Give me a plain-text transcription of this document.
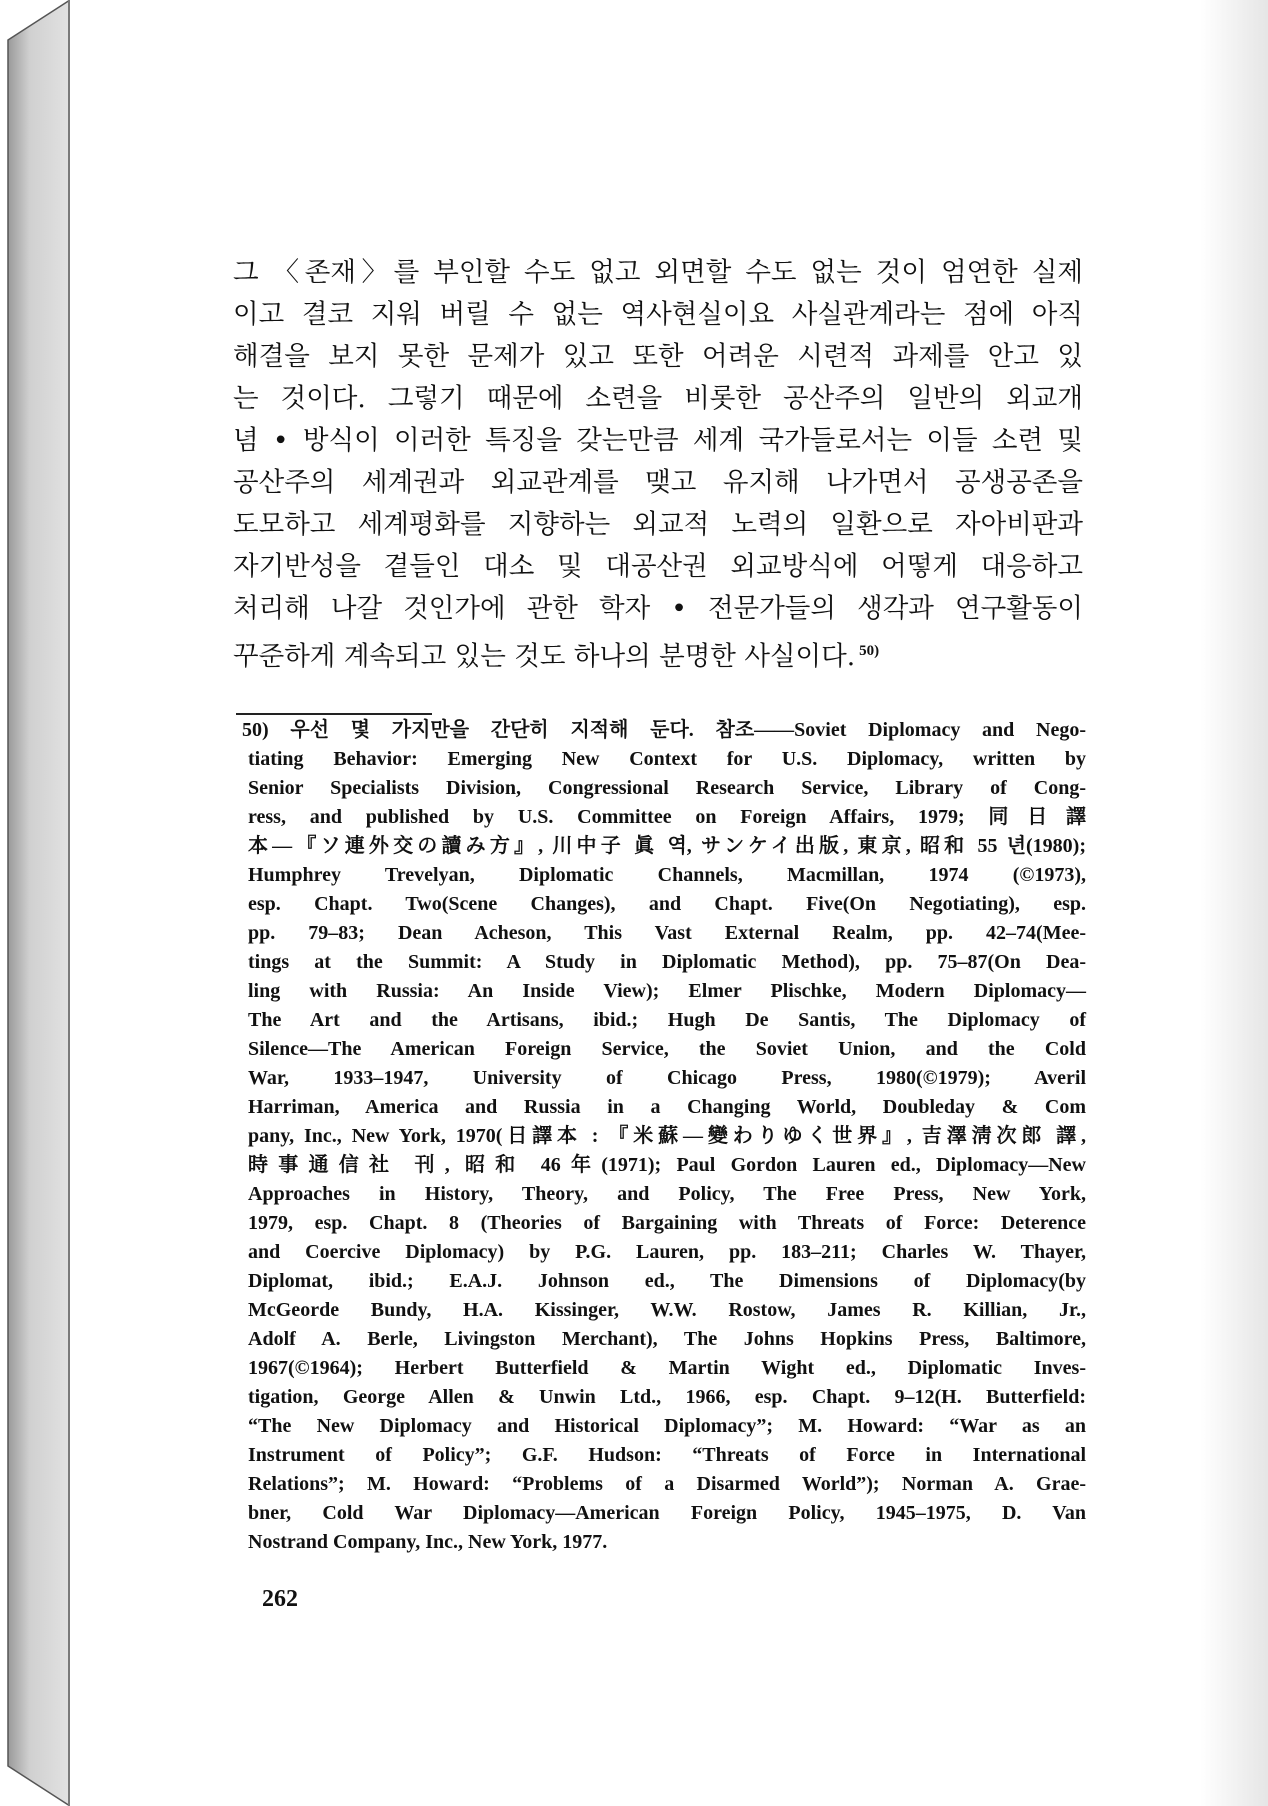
그 〈존재〉를 부인할 수도 없고 외면할 수도 없는 것이 엄연한 실제
이고 결코 지워 버릴 수 없는 역사현실이요 사실관계라는 점에 아직
해결을 보지 못한 문제가 있고 또한 어려운 시련적 과제를 안고 있
는 것이다. 그렇기 때문에 소련을 비롯한 공산주의 일반의 외교개
념 • 방식이 이러한 특징을 갖는만큼 세계 국가들로서는 이들 소련 및
공산주의 세계권과 외교관계를 맺고 유지해 나가면서 공생공존을
도모하고 세계평화를 지향하는 외교적 노력의 일환으로 자아비판과
자기반성을 곁들인 대소 및 대공산권 외교방식에 어떻게 대응하고
처리해 나갈 것인가에 관한 학자 • 전문가들의 생각과 연구활동이
꾸준하게 계속되고 있는 것도 하나의 분명한 사실이다. $^{50)}$
50) 우선 몇 가지만을 간단히 지적해 둔다. 참조——Soviet Diplomacy and Nego-
tiating Behavior: Emerging New Context for U.S. Diplomacy, written by
Senior Specialists Division, Congressional Research Service, Library of Cong-
ress, and published by U.S. Committee on Foreign Affairs, 1979; 同日譯
本—『ソ連外交の讀み方』, 川中子 眞 역, サンケイ出版, 東京, 昭和 55 년(1980);
Humphrey Trevelyan, Diplomatic Channels, Macmillan, 1974 (©1973),
esp. Chapt. Two(Scene Changes), and Chapt. Five(On Negotiating), esp.
pp. 79–83; Dean Acheson, This Vast External Realm, pp. 42–74(Mee-
tings at the Summit: A Study in Diplomatic Method), pp. 75–87(On Dea-
ling with Russia: An Inside View); Elmer Plischke, Modern Diplomacy—
The Art and the Artisans, ibid.; Hugh De Santis, The Diplomacy of
Silence—The American Foreign Service, the Soviet Union, and the Cold
War, 1933–1947, University of Chicago Press, 1980(©1979); Averil
Harriman, America and Russia in a Changing World, Doubleday & Com
pany, Inc., New York, 1970(日譯本 : 『米蘇—變わりゆく世界』, 吉澤淸次郎 譯,
時事通信社 刊, 昭和 46年(1971); Paul Gordon Lauren ed., Diplomacy—New
Approaches in History, Theory, and Policy, The Free Press, New York,
1979, esp. Chapt. 8 (Theories of Bargaining with Threats of Force: Deterence
and Coercive Diplomacy) by P.G. Lauren, pp. 183–211; Charles W. Thayer,
Diplomat, ibid.; E.A.J. Johnson ed., The Dimensions of Diplomacy(by
McGeorde Bundy, H.A. Kissinger, W.W. Rostow, James R. Killian, Jr.,
Adolf A. Berle, Livingston Merchant), The Johns Hopkins Press, Baltimore,
1967(©1964); Herbert Butterfield & Martin Wight ed., Diplomatic Inves-
tigation, George Allen & Unwin Ltd., 1966, esp. Chapt. 9–12(H. Butterfield:
“The New Diplomacy and Historical Diplomacy”; M. Howard: “War as an
Instrument of Policy”; G.F. Hudson: “Threats of Force in International
Relations”; M. Howard: “Problems of a Disarmed World”); Norman A. Grae-
bner, Cold War Diplomacy—American Foreign Policy, 1945–1975, D. Van
Nostrand Company, Inc., New York, 1977.
262
